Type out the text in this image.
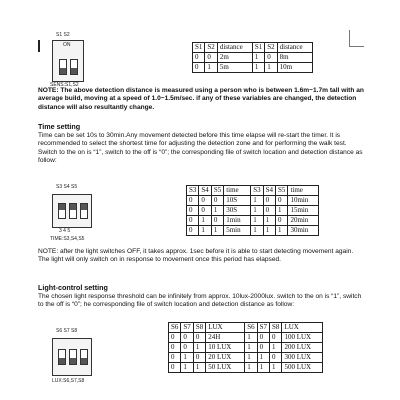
S1 S2
ON
SENS:S1,S2
S1	S2	distance	S1	S2	distance
0	0	2m	1	0	8m
0	1	5m	1	1	10m
NOTE: The above detection distance is measured using a person who is between 1.6m~1.7m tall with an average build, moving at a speed of 1.0~1.5m/sec. if any of these variables are changed, the detection distance will also resultantly change.
Time setting
Time can be set 10s to 30min.Any movement detected before this time elapse will re-start the timer. It is recommended to select the shortest time for adjusting the detection zone and for performing the walk test. Switch to the on is “1”, switch to the off is “0”; the corresponding file of switch location and detection distance as follow:
S3 S4 S5
3 4 5
TIME:S3,S4,S5
S3	S4	S5	time	S3	S4	S5	time
0	0	0	10S	1	0	0	10min
0	0	1	30S	1	0	1	15min
0	1	0	1min	1	1	0	20min
0	1	1	5min	1	1	1	30min
NOTE: after the light switches OFF, it takes approx. 1sec before it is able to start detecting movement again. The light will only switch on in response to movement once this period has elapsed.
Light-control setting
The chosen light response threshold can be infinitely from approx. 10lux-2000lux. switch to the on is “1”, switch to the off is “0”; he corresponding file of switch location and detection distance as follow:
S6 S7 S8
LUX:S6,S7,S8
S6	S7	S8	LUX	S6	S7	S8	LUX
0	0	0	24H	1	0	0	100 LUX
0	0	1	10 LUX	1	0	1	200 LUX
0	1	0	20 LUX	1	1	0	300 LUX
0	1	1	50 LUX	1	1	1	500 LUX
